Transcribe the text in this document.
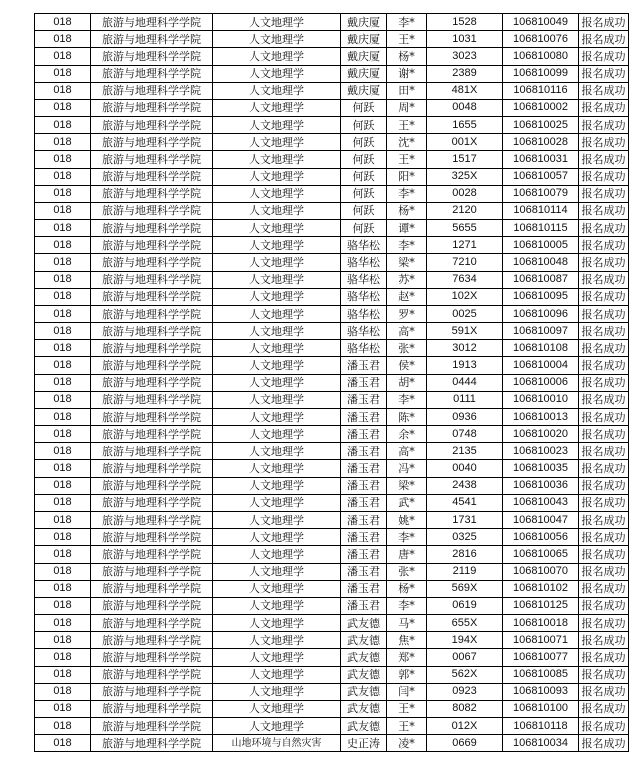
018	旅游与地理科学学院	人文地理学	戴庆厦	李*	1528	106810049	报名成功
018	旅游与地理科学学院	人文地理学	戴庆厦	王*	1031	106810076	报名成功
018	旅游与地理科学学院	人文地理学	戴庆厦	杨*	3023	106810080	报名成功
018	旅游与地理科学学院	人文地理学	戴庆厦	谢*	2389	106810099	报名成功
018	旅游与地理科学学院	人文地理学	戴庆厦	田*	481X	106810116	报名成功
018	旅游与地理科学学院	人文地理学	何跃	周*	0048	106810002	报名成功
018	旅游与地理科学学院	人文地理学	何跃	王*	1655	106810025	报名成功
018	旅游与地理科学学院	人文地理学	何跃	沈*	001X	106810028	报名成功
018	旅游与地理科学学院	人文地理学	何跃	王*	1517	106810031	报名成功
018	旅游与地理科学学院	人文地理学	何跃	阳*	325X	106810057	报名成功
018	旅游与地理科学学院	人文地理学	何跃	李*	0028	106810079	报名成功
018	旅游与地理科学学院	人文地理学	何跃	杨*	2120	106810114	报名成功
018	旅游与地理科学学院	人文地理学	何跃	谭*	5655	106810115	报名成功
018	旅游与地理科学学院	人文地理学	骆华松	李*	1271	106810005	报名成功
018	旅游与地理科学学院	人文地理学	骆华松	梁*	7210	106810048	报名成功
018	旅游与地理科学学院	人文地理学	骆华松	苏*	7634	106810087	报名成功
018	旅游与地理科学学院	人文地理学	骆华松	赵*	102X	106810095	报名成功
018	旅游与地理科学学院	人文地理学	骆华松	罗*	0025	106810096	报名成功
018	旅游与地理科学学院	人文地理学	骆华松	高*	591X	106810097	报名成功
018	旅游与地理科学学院	人文地理学	骆华松	张*	3012	106810108	报名成功
018	旅游与地理科学学院	人文地理学	潘玉君	侯*	1913	106810004	报名成功
018	旅游与地理科学学院	人文地理学	潘玉君	胡*	0444	106810006	报名成功
018	旅游与地理科学学院	人文地理学	潘玉君	李*	0111	106810010	报名成功
018	旅游与地理科学学院	人文地理学	潘玉君	陈*	0936	106810013	报名成功
018	旅游与地理科学学院	人文地理学	潘玉君	余*	0748	106810020	报名成功
018	旅游与地理科学学院	人文地理学	潘玉君	高*	2135	106810023	报名成功
018	旅游与地理科学学院	人文地理学	潘玉君	冯*	0040	106810035	报名成功
018	旅游与地理科学学院	人文地理学	潘玉君	梁*	2438	106810036	报名成功
018	旅游与地理科学学院	人文地理学	潘玉君	武*	4541	106810043	报名成功
018	旅游与地理科学学院	人文地理学	潘玉君	姚*	1731	106810047	报名成功
018	旅游与地理科学学院	人文地理学	潘玉君	李*	0325	106810056	报名成功
018	旅游与地理科学学院	人文地理学	潘玉君	唐*	2816	106810065	报名成功
018	旅游与地理科学学院	人文地理学	潘玉君	张*	2119	106810070	报名成功
018	旅游与地理科学学院	人文地理学	潘玉君	杨*	569X	106810102	报名成功
018	旅游与地理科学学院	人文地理学	潘玉君	李*	0619	106810125	报名成功
018	旅游与地理科学学院	人文地理学	武友德	马*	655X	106810018	报名成功
018	旅游与地理科学学院	人文地理学	武友德	焦*	194X	106810071	报名成功
018	旅游与地理科学学院	人文地理学	武友德	郑*	0067	106810077	报名成功
018	旅游与地理科学学院	人文地理学	武友德	郭*	562X	106810085	报名成功
018	旅游与地理科学学院	人文地理学	武友德	闫*	0923	106810093	报名成功
018	旅游与地理科学学院	人文地理学	武友德	王*	8082	106810100	报名成功
018	旅游与地理科学学院	人文地理学	武友德	王*	012X	106810118	报名成功
018	旅游与地理科学学院	山地环境与自然灾害	史正涛	凌*	0669	106810034	报名成功
